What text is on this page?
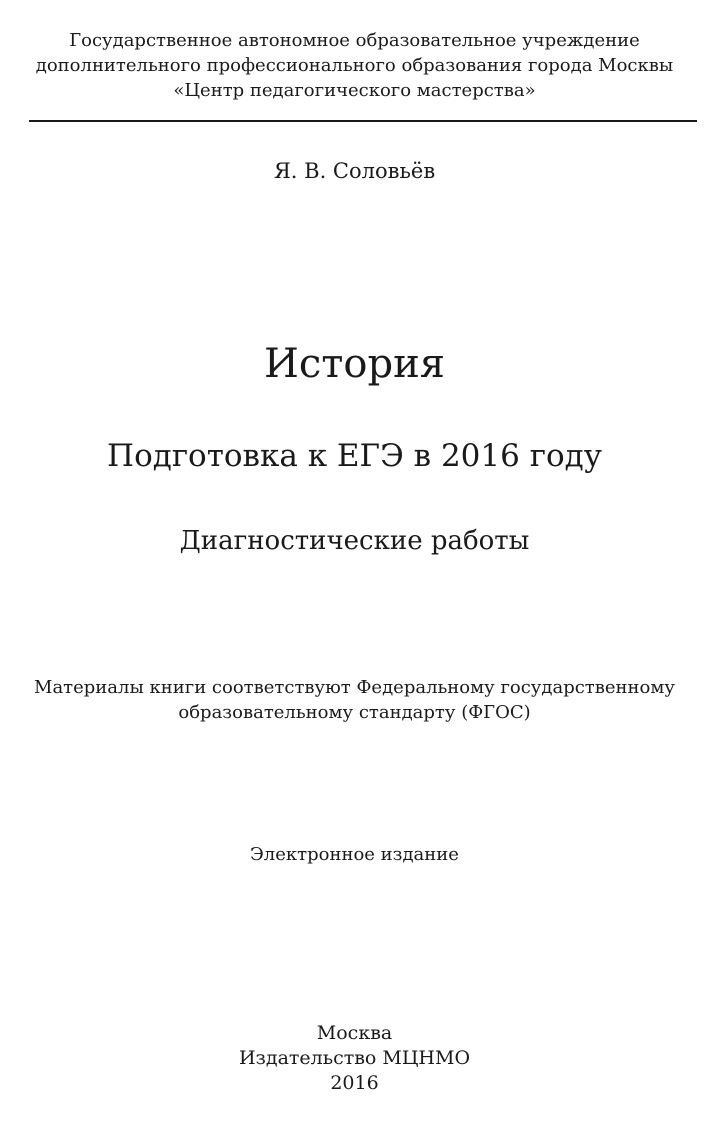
Государственное автономное образовательное учреждение
дополнительного профессионального образования города Москвы
«Центр педагогического мастерства»
Я. В. Соловьёв
История
Подготовка к ЕГЭ в 2016 году
Диагностические работы
Материалы книги соответствуют Федеральному государственному
образовательному стандарту (ФГОС)
Электронное издание
Москва
Издательство МЦНМО
2016
